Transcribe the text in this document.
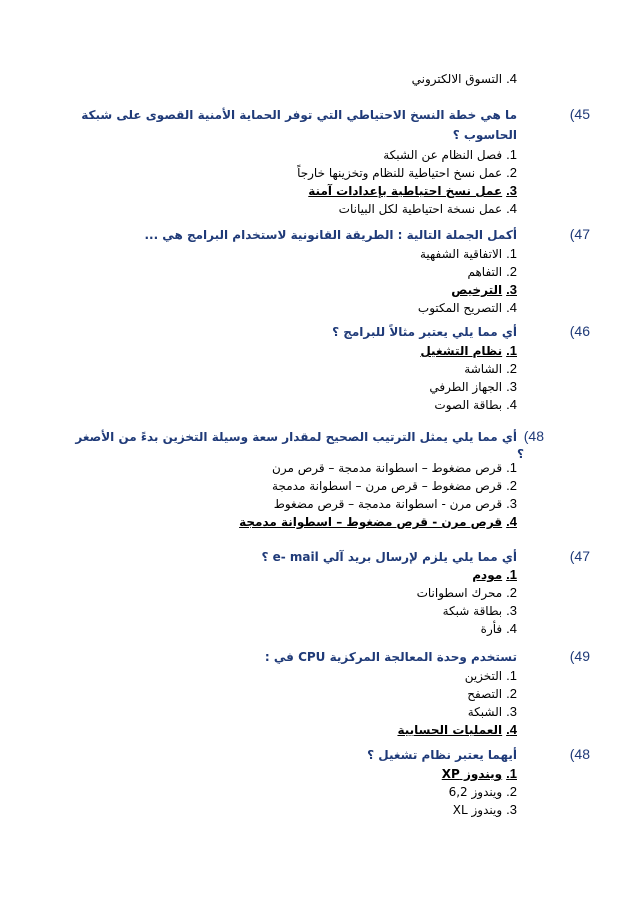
4.التسوق الالكتروني
(45
ما هي خطة النسخ الاحتياطي التي توفر الحماية الأمنية القصوى على شبكة
الحاسوب ؟
1.فصل النظام عن الشبكة
2.عمل نسخ احتياطية للنظام وتخزينها خارجاً
3.عمل نسخ احتياطية بإعدادات آمنة
4.عمل نسخة احتياطية لكل البيانات
(47
أكمل الجملة التالية : الطريقة القانونية لاستخدام البرامج هي ...
1.الاتفاقية الشفهية
2.التفاهم
3.الترخيص
4.التصريح المكتوب
(46
أي مما يلي يعتبر مثالاً للبرامج ؟
1.نظام التشغيل
2.الشاشة
3.الجهاز الطرفي
4.بطاقة الصوت
(48
أي مما يلي يمثل الترتيب الصحيح لمقدار سعة وسيلة التخزين بدءً من الأصغر
؟
1.قرص مضغوط – اسطوانة مدمجة – قرص مرن
2.قرص مضغوط – قرص مرن – اسطوانة مدمجة
3.قرص مرن - اسطوانة مدمجة – قرص مضغوط
4.قرص مرن - قرص مضغوط – اسطوانة مدمجة
(47
أي مما يلي يلزم لإرسال بريد آلي e- mail ؟
1.مودم
2.محرك اسطوانات
3.بطاقة شبكة
4.فأرة
(49
تستخدم وحدة المعالجة المركزية CPU في :
1.التخزين
2.التصفح
3.الشبكة
4.العمليات الحسابية
(48
أيهما يعتبر نظام تشغيل ؟
1.ويندوز XP
2.ويندوز 6,2
3.ويندوز XL
